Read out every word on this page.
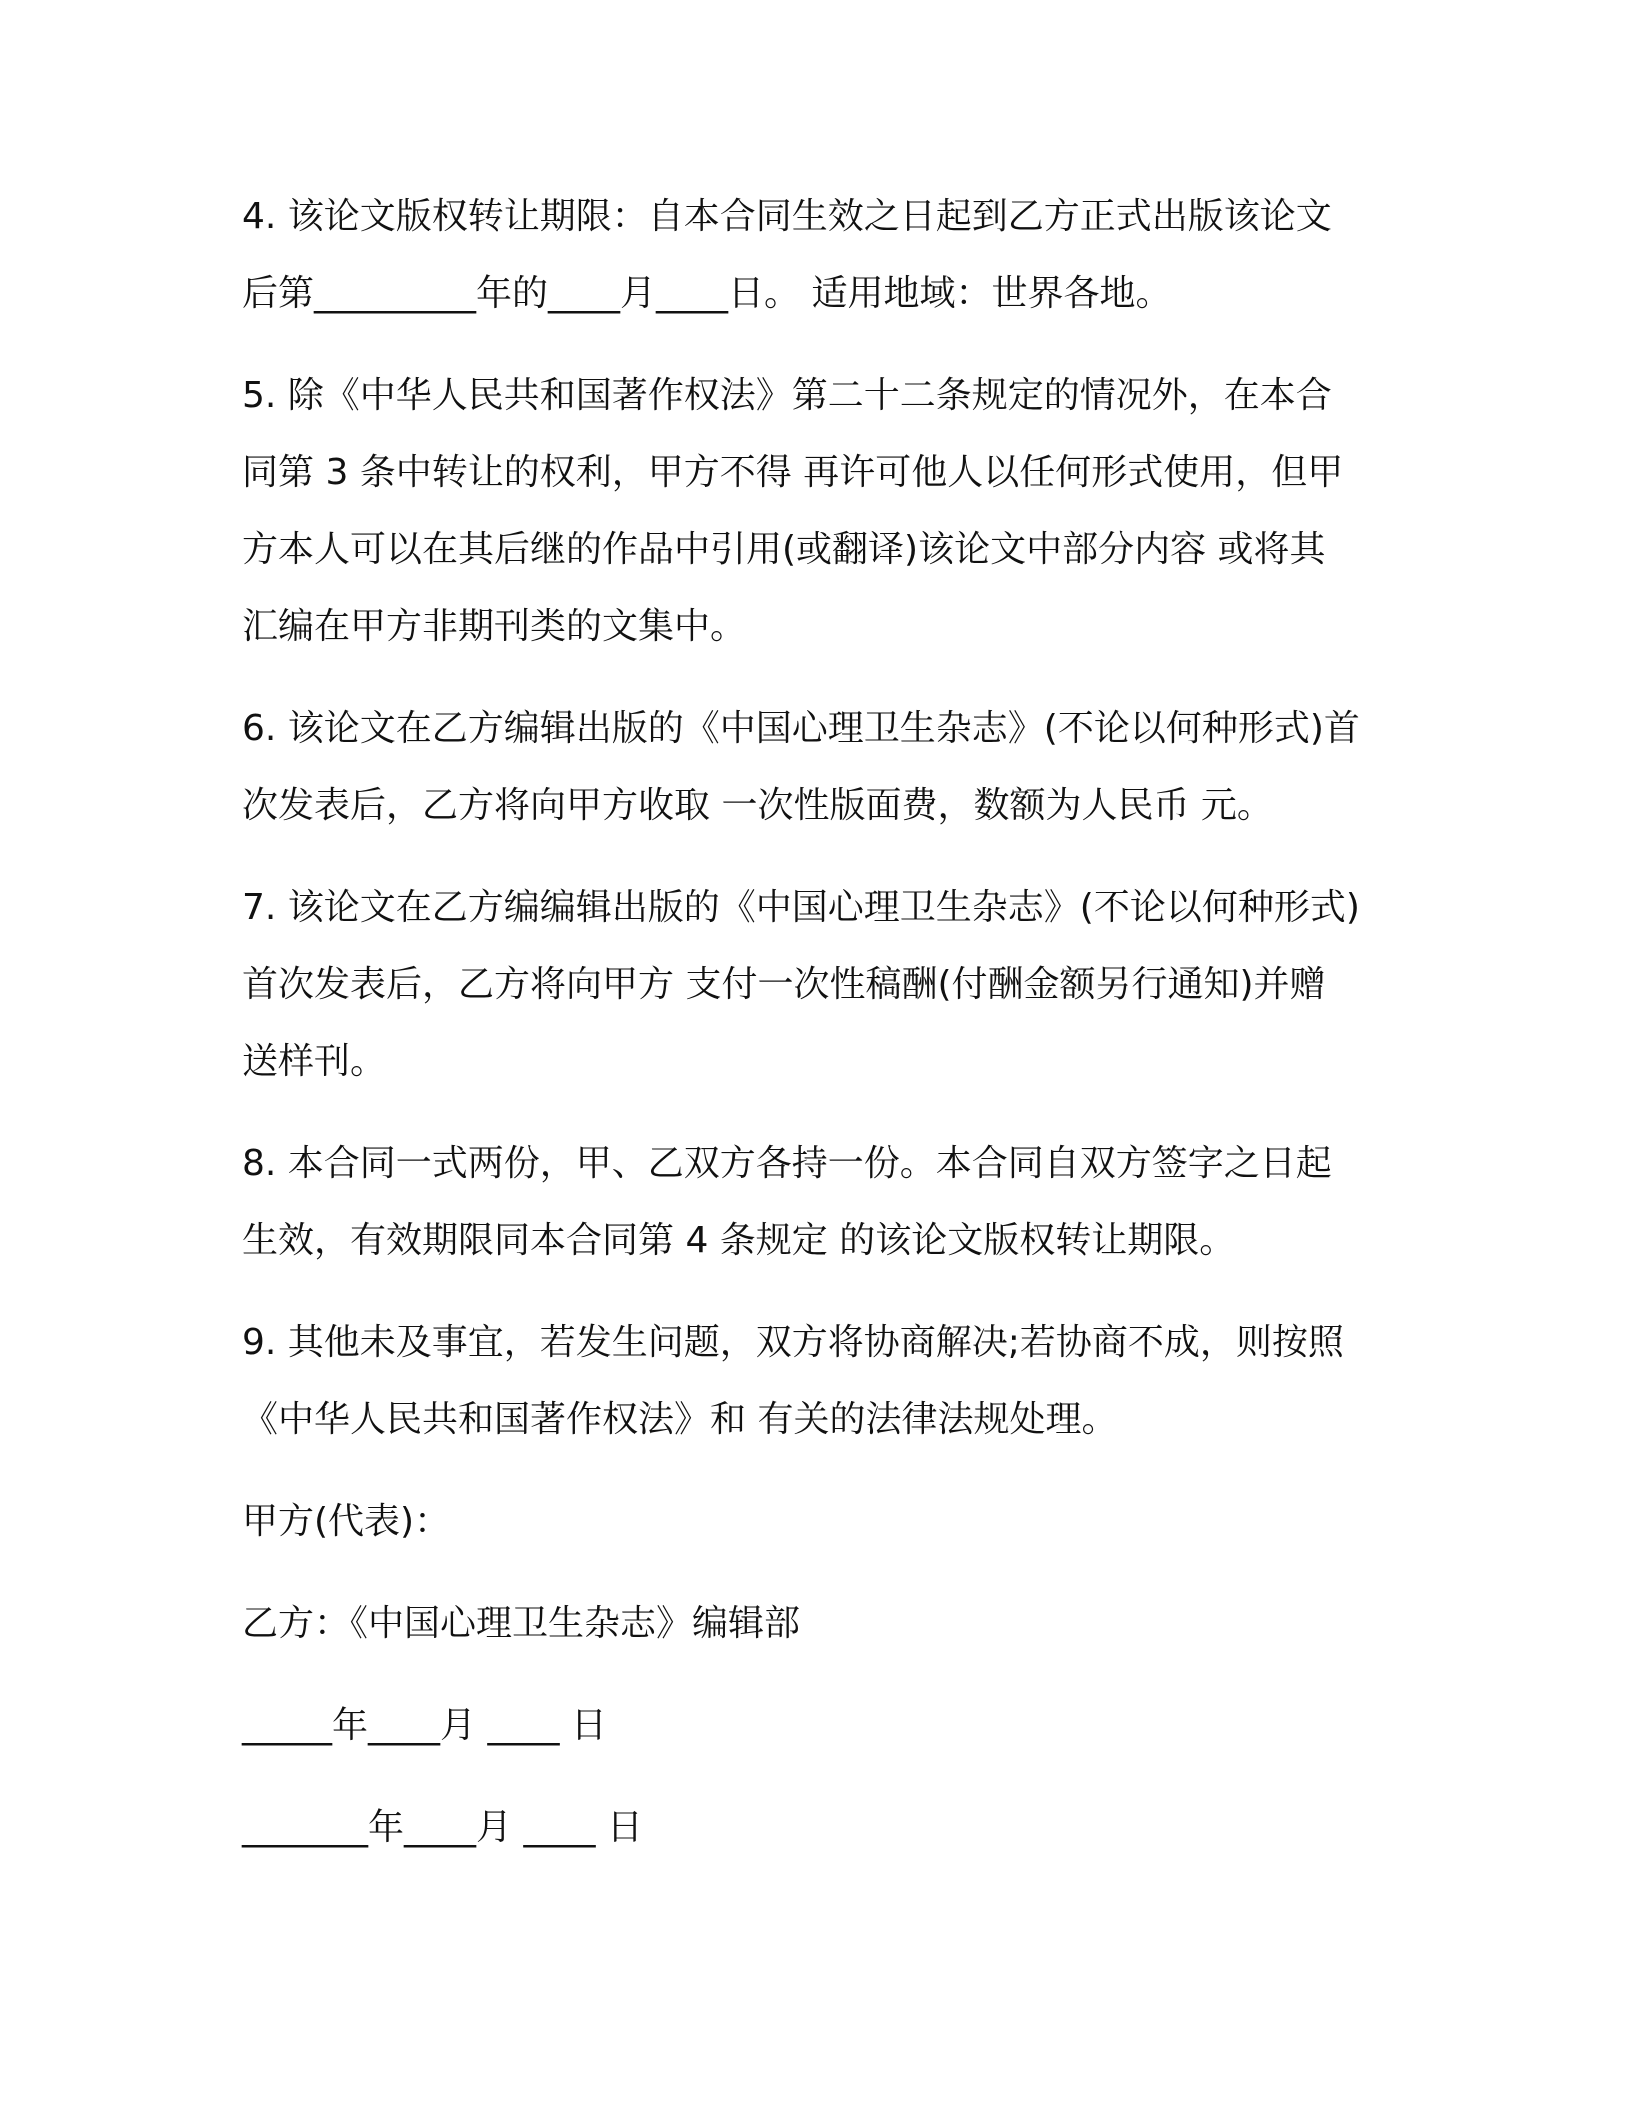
4. 该论文版权转让期限：自本合同生效之日起到乙方正式出版该论文
后第_________年的____月____日。 适用地域：世界各地。
5. 除《中华人民共和国著作权法》第二十二条规定的情况外，在本合
同第 3 条中转让的权利，甲方不得 再许可他人以任何形式使用，但甲
方本人可以在其后继的作品中引用(或翻译)该论文中部分内容 或将其
汇编在甲方非期刊类的文集中。
6. 该论文在乙方编辑出版的《中国心理卫生杂志》(不论以何种形式)首
次发表后，乙方将向甲方收取 一次性版面费，数额为人民币 元。
7. 该论文在乙方编编辑出版的《中国心理卫生杂志》(不论以何种形式)
首次发表后，乙方将向甲方 支付一次性稿酬(付酬金额另行通知)并赠
送样刊。
8. 本合同一式两份，甲、乙双方各持一份。本合同自双方签字之日起
生效，有效期限同本合同第 4 条规定 的该论文版权转让期限。
9. 其他未及事宜，若发生问题，双方将协商解决;若协商不成，则按照
《中华人民共和国著作权法》和 有关的法律法规处理。
甲方(代表)：
乙方：《中国心理卫生杂志》编辑部
_____年____月 ____ 日
_______年____月 ____ 日
